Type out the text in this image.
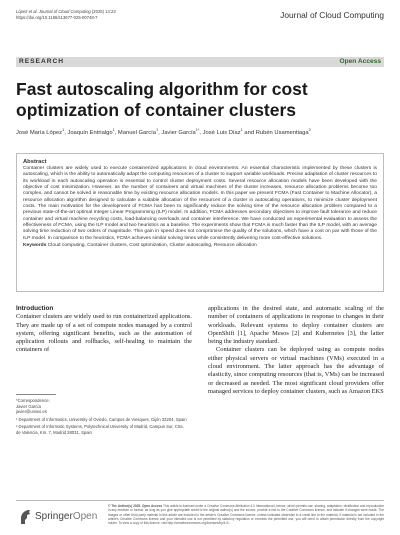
López et al. Journal of Cloud Computing (2025) 14:23
https://doi.org/10.1186/s13677-025-00748-7	Journal of Cloud Computing
RESEARCH	Open Access
Fast autoscaling algorithm for cost optimization of container clusters
José María López$^1$, Joaquín Entrialgo$^1$, Manuel García$^1$, Javier García$^{1*}$, José Luis Díaz$^1$ and Rubén Usamentiaga$^2$
Abstract

Container clusters are widely used to execute containerized applications in cloud environments. An essential characteristic implemented by these clusters is autoscaling, which is the ability to automatically adapt the computing resources of a cluster to support variable workloads. Precise adaptation of cluster resources to its workload in each autoscaling operation is essential to control cluster deployment costs. Several resource allocation models have been developed with the objective of cost minimization. However, as the number of containers and virtual machines of the cluster increases, resource allocation problems become too complex, and cannot be solved in reasonable time by existing resource allocation models. In this paper we present FCMA (Fast Container to Machine Allocator), a resource allocation algorithm designed to calculate a suitable allocation of the resources of a cluster in autoscaling operations, to minimize cluster deployment costs. The main motivation for the development of FCMA has been to significantly reduce the solving time of the resource allocation problem compared to a previous state-of-the-art optimal Integer Linear Programming (ILP) model. In addition, FCMA addresses secondary objectives to improve fault tolerance and reduce container and virtual machine recycling costs, load-balancing overloads and container interference. We have conducted an experimental evaluation to assess the effectiveness of FCMA, using the ILP model and two heuristics as a baseline. The experiments show that FCMA is much faster than the ILP model, with an average solving time reduction of two orders of magnitude. This gain in speed does not compromise the quality of the solutions, which have a cost on par with those of the ILP model. In comparison to the heuristics, FCMA achieves similar solving times while consistently delivering more cost-effective solutions.

Keywords Cloud computing, Container clusters, Cost optimization, Cluster autoscaling, Resource allocation
Introduction

Container clusters are widely used to run containerized applications. They are made up of a set of compute nodes managed by a control system, offering significant benefits, such as the automation of application rollouts and rollbacks, self-healing to maintain the containers of

applications in the desired state, and automatic scaling of the number of containers of applications in response to changes in their workloads. Relevant systems to deploy container clusters are OpenShift [1], Apache Mesos [2] and Kubernetes [3], the latter being the industry standard.

Container clusters can be deployed using as compute nodes either physical servers or virtual machines (VMs) executed in a cloud environment. The latter approach has the advantage of elasticity, since computing resources (that is, VMs) can be increased or decreased as needed. The most significant cloud providers offer managed services to deploy container clusters, such as Amazon EKS

*Correspondence:
Javier García
javier@uniovi.es
¹ Department of Informatics, University of Oviedo, Campus de Viesques, Gijón 33204, Spain
² Department of Informatic Systems, Polytechnical University of Madrid, Campus Sur, Ctra. de Valencia, Km. 7, Madrid 28031, Spain
SpringerOpen

© The Author(s) 2025. Open Access This article is licensed under a Creative Commons Attribution 4.0 International License, which permits use, sharing, adaptation, distribution and reproduction in any medium or format, as long as you give appropriate credit to the original author(s) and the source, provide a link to the Creative Commons licence, and indicate if changes were made. The images or other third party material in this article are included in the article's Creative Commons licence, unless indicated otherwise in a credit line to the material. If material is not included in the article's Creative Commons licence and your intended use is not permitted by statutory regulation or exceeds the permitted use, you will need to obtain permission directly from the copyright holder. To view a copy of this licence, visit http://creativecommons.org/licenses/by/4.0/.
